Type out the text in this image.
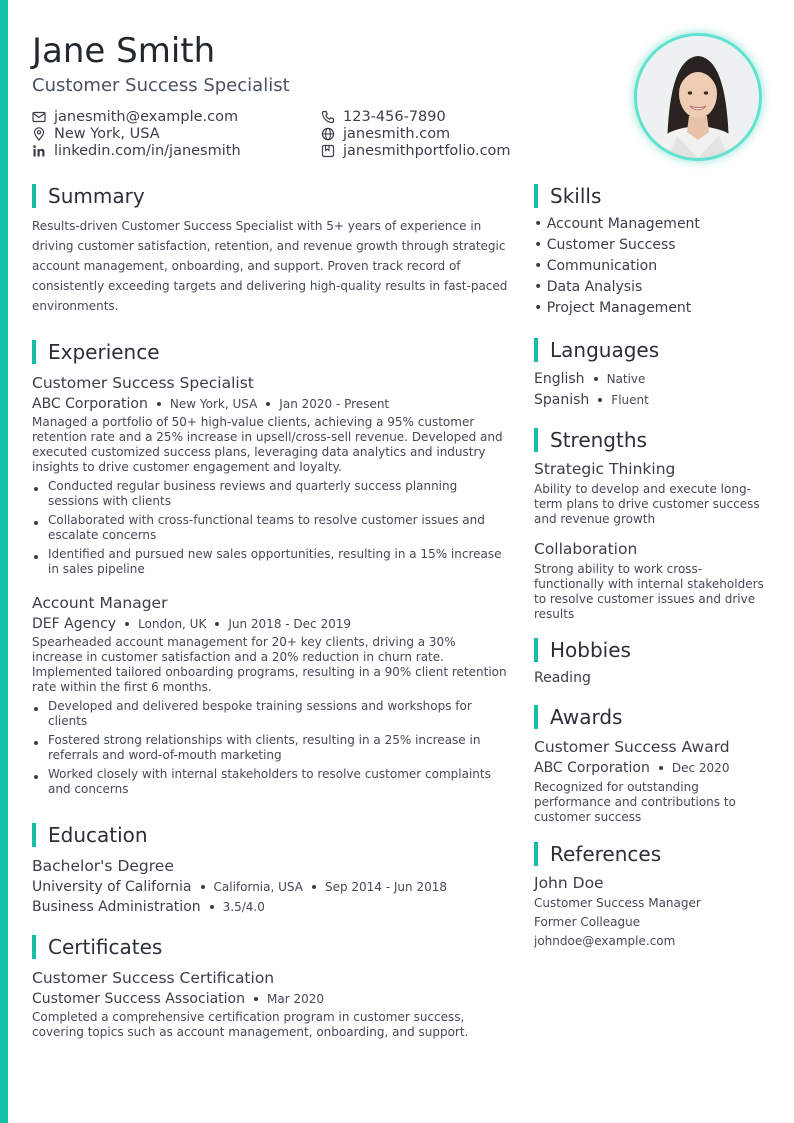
Jane Smith
Customer Success Specialist
janesmith@example.com
New York, USA
linkedin.com/in/janesmith
123-456-7890
janesmith.com
janesmithportfolio.com
Summary

Results-driven Customer Success Specialist with 5+ years of experience in driving customer satisfaction, retention, and revenue growth through strategic account management, onboarding, and support. Proven track record of consistently exceeding targets and delivering high-quality results in fast-paced environments.

Experience
Customer Success Specialist
ABC Corporation New York, USA Jan 2020 - Present

Managed a portfolio of 50+ high-value clients, achieving a 95% customer retention rate and a 25% increase in upsell/cross-sell revenue. Developed and executed customized success plans, leveraging data analytics and industry insights to drive customer engagement and loyalty.

Conducted regular business reviews and quarterly success planning sessions with clients
Collaborated with cross-functional teams to resolve customer issues and escalate concerns
Identified and pursued new sales opportunities, resulting in a 15% increase in sales pipeline
Account Manager
DEF Agency London, UK Jun 2018 - Dec 2019

Spearheaded account management for 20+ key clients, driving a 30% increase in customer satisfaction and a 20% reduction in churn rate. Implemented tailored onboarding programs, resulting in a 90% client retention rate within the first 6 months.

Developed and delivered bespoke training sessions and workshops for clients
Fostered strong relationships with clients, resulting in a 25% increase in referrals and word-of-mouth marketing
Worked closely with internal stakeholders to resolve customer complaints and concerns
Education
Bachelor's Degree
University of California California, USA Sep 2014 - Jun 2018
Business Administration 3.5/4.0
Certificates
Customer Success Certification
Customer Success Association Mar 2020

Completed a comprehensive certification program in customer success, covering topics such as account management, onboarding, and support.

Skills
• Account Management
• Customer Success
• Communication
• Data Analysis
• Project Management
Languages
English Native
Spanish Fluent
Strengths
Strategic Thinking

Ability to develop and execute long-term plans to drive customer success and revenue growth

Collaboration

Strong ability to work cross-functionally with internal stakeholders to resolve customer issues and drive results

Hobbies
Reading
Awards
Customer Success Award
ABC Corporation Dec 2020

Recognized for outstanding performance and contributions to customer success

References
John Doe
Customer Success Manager
Former Colleague
johndoe@example.com
